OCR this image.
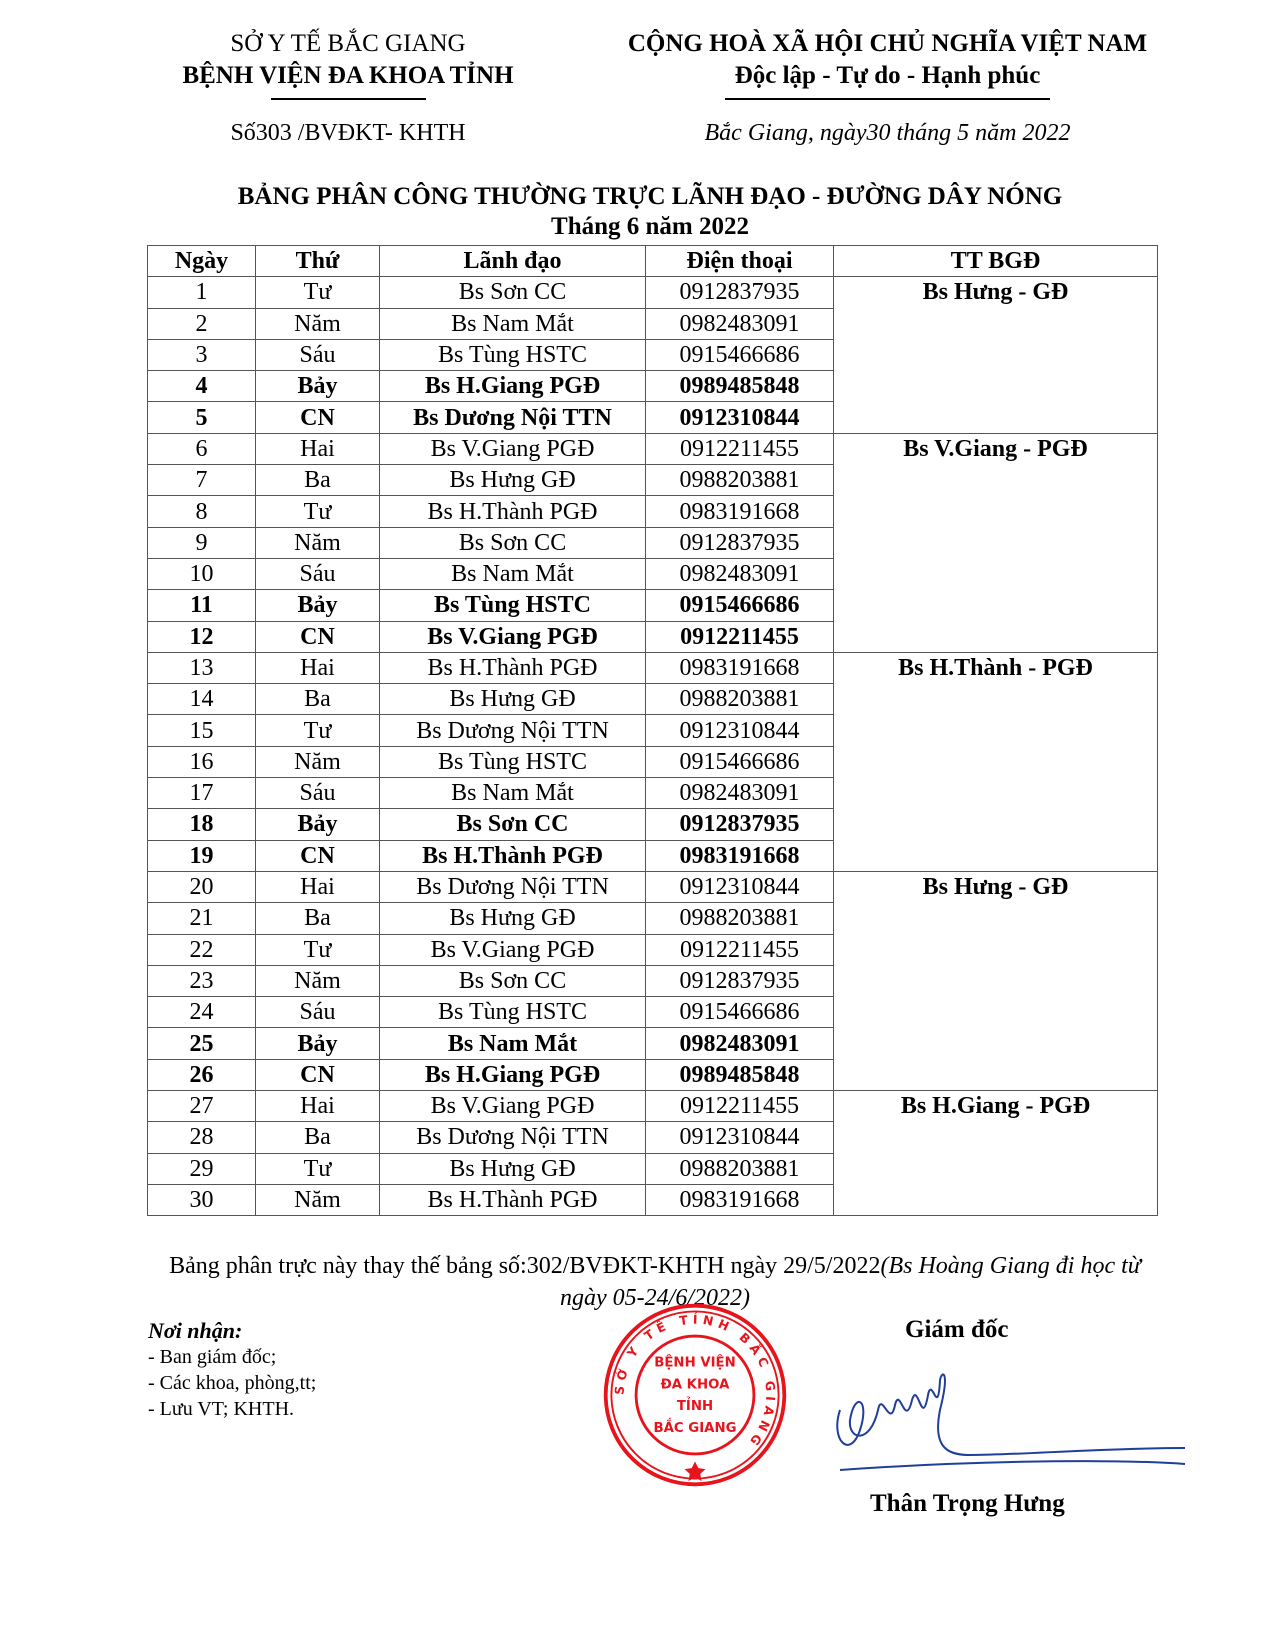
SỞ Y TẾ BẮC GIANG
BỆNH VIỆN ĐA KHOA TỈNH
CỘNG HOÀ XÃ HỘI CHỦ NGHĨA VIỆT NAM
Độc lập - Tự do - Hạnh phúc
Số303 /BVĐKT- KHTH	Bắc Giang, ngày30 tháng 5 năm 2022
BẢNG PHÂN CÔNG THƯỜNG TRỰC LÃNH ĐẠO - ĐƯỜNG DÂY NÓNG
Tháng 6 năm 2022
Ngày	Thứ	Lãnh đạo	Điện thoại	TT BGĐ
1	Tư	Bs Sơn CC	0912837935	Bs Hưng - GĐ
2	Năm	Bs Nam Mắt	0982483091	
3	Sáu	Bs Tùng HSTC	0915466686	
4	Bảy	Bs H.Giang PGĐ	0989485848	
5	CN	Bs Dương Nội TTN	0912310844	
6	Hai	Bs V.Giang PGĐ	0912211455	Bs V.Giang - PGĐ
7	Ba	Bs Hưng GĐ	0988203881	
8	Tư	Bs H.Thành PGĐ	0983191668	
9	Năm	Bs Sơn CC	0912837935	
10	Sáu	Bs Nam Mắt	0982483091	
11	Bảy	Bs Tùng HSTC	0915466686	
12	CN	Bs V.Giang PGĐ	0912211455	
13	Hai	Bs H.Thành PGĐ	0983191668	Bs H.Thành - PGĐ
14	Ba	Bs Hưng GĐ	0988203881	
15	Tư	Bs Dương Nội TTN	0912310844	
16	Năm	Bs Tùng HSTC	0915466686	
17	Sáu	Bs Nam Mắt	0982483091	
18	Bảy	Bs Sơn CC	0912837935	
19	CN	Bs H.Thành PGĐ	0983191668	
20	Hai	Bs Dương Nội TTN	0912310844	Bs Hưng - GĐ
21	Ba	Bs Hưng GĐ	0988203881	
22	Tư	Bs V.Giang PGĐ	0912211455	
23	Năm	Bs Sơn CC	0912837935	
24	Sáu	Bs Tùng HSTC	0915466686	
25	Bảy	Bs Nam Mắt	0982483091	
26	CN	Bs H.Giang PGĐ	0989485848	
27	Hai	Bs V.Giang PGĐ	0912211455	Bs H.Giang - PGĐ
28	Ba	Bs Dương Nội TTN	0912310844	
29	Tư	Bs Hưng GĐ	0988203881	
30	Năm	Bs H.Thành PGĐ	0983191668	
Bảng phân trực này thay thế bảng số:302/BVĐKT-KHTH ngày 29/5/2022(Bs Hoàng Giang đi học từ ngày 05-24/6/2022)
Nơi nhận:
- Ban giám đốc;
- Các khoa, phòng,tt;
- Lưu VT; KHTH.
SỞ Y TẾ TỈNH BẮC GIANG
BỆNH VIỆN
ĐA KHOA
TỈNH
BẮC GIANG
Giám đốc
Thân Trọng Hưng
